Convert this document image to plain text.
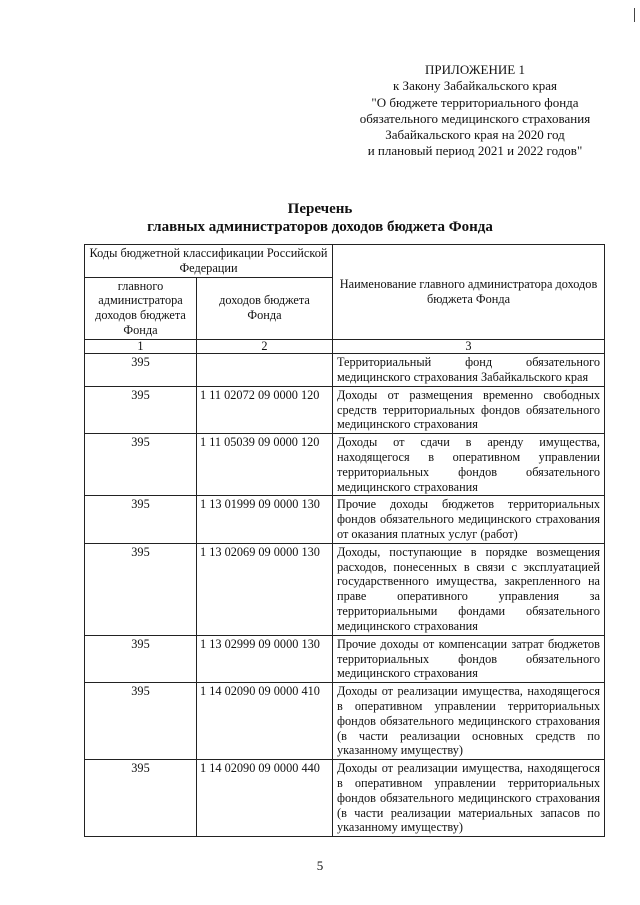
ПРИЛОЖЕНИЕ 1
к Закону Забайкальского края
"О бюджете территориального фонда
обязательного медицинского страхования
Забайкальского края на 2020 год
и плановый период 2021 и 2022 годов"
Перечень
главных администраторов доходов бюджета Фонда
Коды бюджетной классификации Российской Федерации		Наименование главного администратора доходов бюджета Фонда
главного администратора доходов бюджета Фонда	доходов бюджета Фонда	
1	2	3
395		Территориальный фонд обязательного медицинского страхования Забайкальского края
395	1 11 02072 09 0000 120	Доходы от размещения временно свободных средств территориальных фондов обязательного медицинского страхования
395	1 11 05039 09 0000 120	Доходы от сдачи в аренду имущества, находящегося в оперативном управлении территориальных фондов обязательного медицинского страхования
395	1 13 01999 09 0000 130	Прочие доходы бюджетов территориальных фондов обязательного медицинского страхования от оказания платных услуг (работ)
395	1 13 02069 09 0000 130	Доходы, поступающие в порядке возмещения расходов, понесенных в связи с эксплуатацией государственного имущества, закрепленного на праве оперативного управления за территориальными фондами обязательного медицинского страхования
395	1 13 02999 09 0000 130	Прочие доходы от компенсации затрат бюджетов территориальных фондов обязательного медицинского страхования
395	1 14 02090 09 0000 410	Доходы от реализации имущества, находящегося в оперативном управлении территориальных фондов обязательного медицинского страхования (в части реализации основных средств по указанному имуществу)
395	1 14 02090 09 0000 440	Доходы от реализации имущества, находящегося в оперативном управлении территориальных фондов обязательного медицинского страхования (в части реализации материальных запасов по указанному имуществу)
5
